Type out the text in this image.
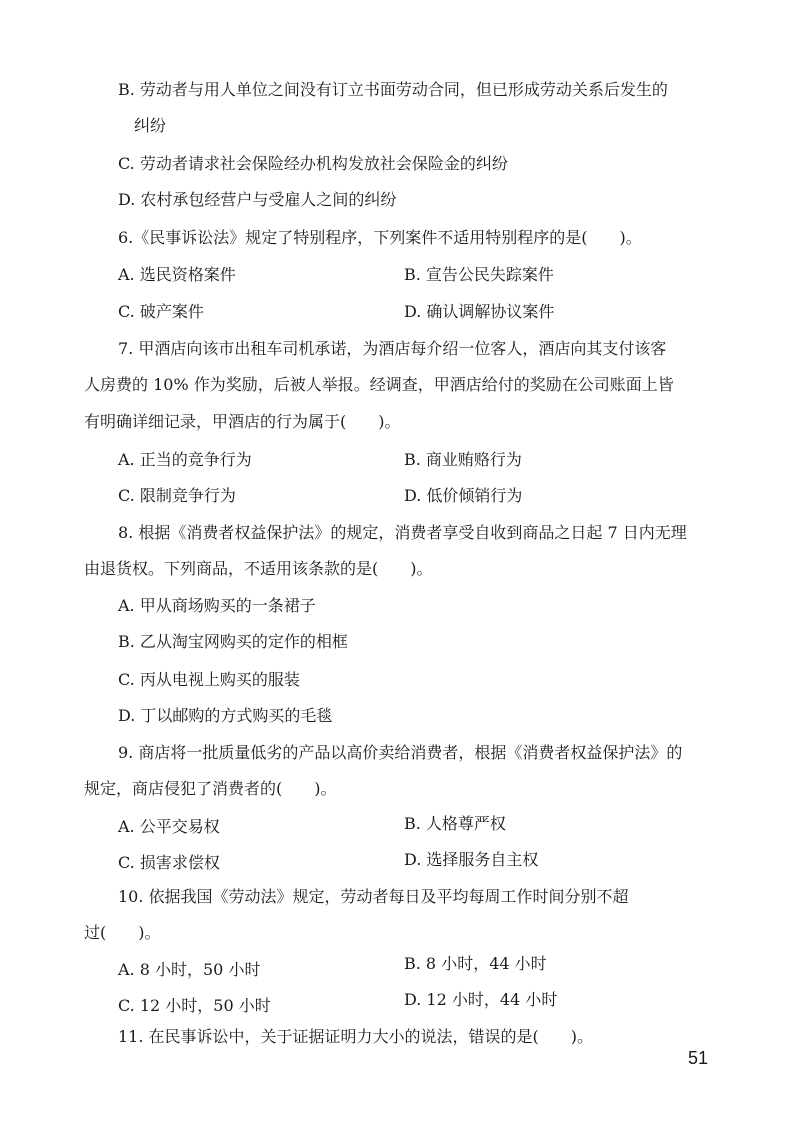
B. 劳动者与用人单位之间没有订立书面劳动合同，但已形成劳动关系后发生的
纠纷
C. 劳动者请求社会保险经办机构发放社会保险金的纠纷
D. 农村承包经营户与受雇人之间的纠纷
6.《民事诉讼法》规定了特别程序，下列案件不适用特别程序的是(　　)。
A. 选民资格案件	B. 宣告公民失踪案件
C. 破产案件	D. 确认调解协议案件
7. 甲酒店向该市出租车司机承诺，为酒店每介绍一位客人，酒店向其支付该客
人房费的 10% 作为奖励，后被人举报。经调查，甲酒店给付的奖励在公司账面上皆
有明确详细记录，甲酒店的行为属于(　　)。
A. 正当的竞争行为	B. 商业贿赂行为
C. 限制竞争行为	D. 低价倾销行为
8. 根据《消费者权益保护法》的规定，消费者享受自收到商品之日起 7 日内无理
由退货权。下列商品，不适用该条款的是(　　)。
A. 甲从商场购买的一条裙子
B. 乙从淘宝网购买的定作的相框
C. 丙从电视上购买的服装
D. 丁以邮购的方式购买的毛毯
9. 商店将一批质量低劣的产品以高价卖给消费者，根据《消费者权益保护法》的
规定，商店侵犯了消费者的(　　)。
A. 公平交易权	B. 人格尊严权
C. 损害求偿权	D. 选择服务自主权
10. 依据我国《劳动法》规定，劳动者每日及平均每周工作时间分别不超
过(　　)。
A. 8 小时，50 小时	B. 8 小时，44 小时
C. 12 小时，50 小时	D. 12 小时，44 小时
11. 在民事诉讼中，关于证据证明力大小的说法，错误的是(　　)。
51
